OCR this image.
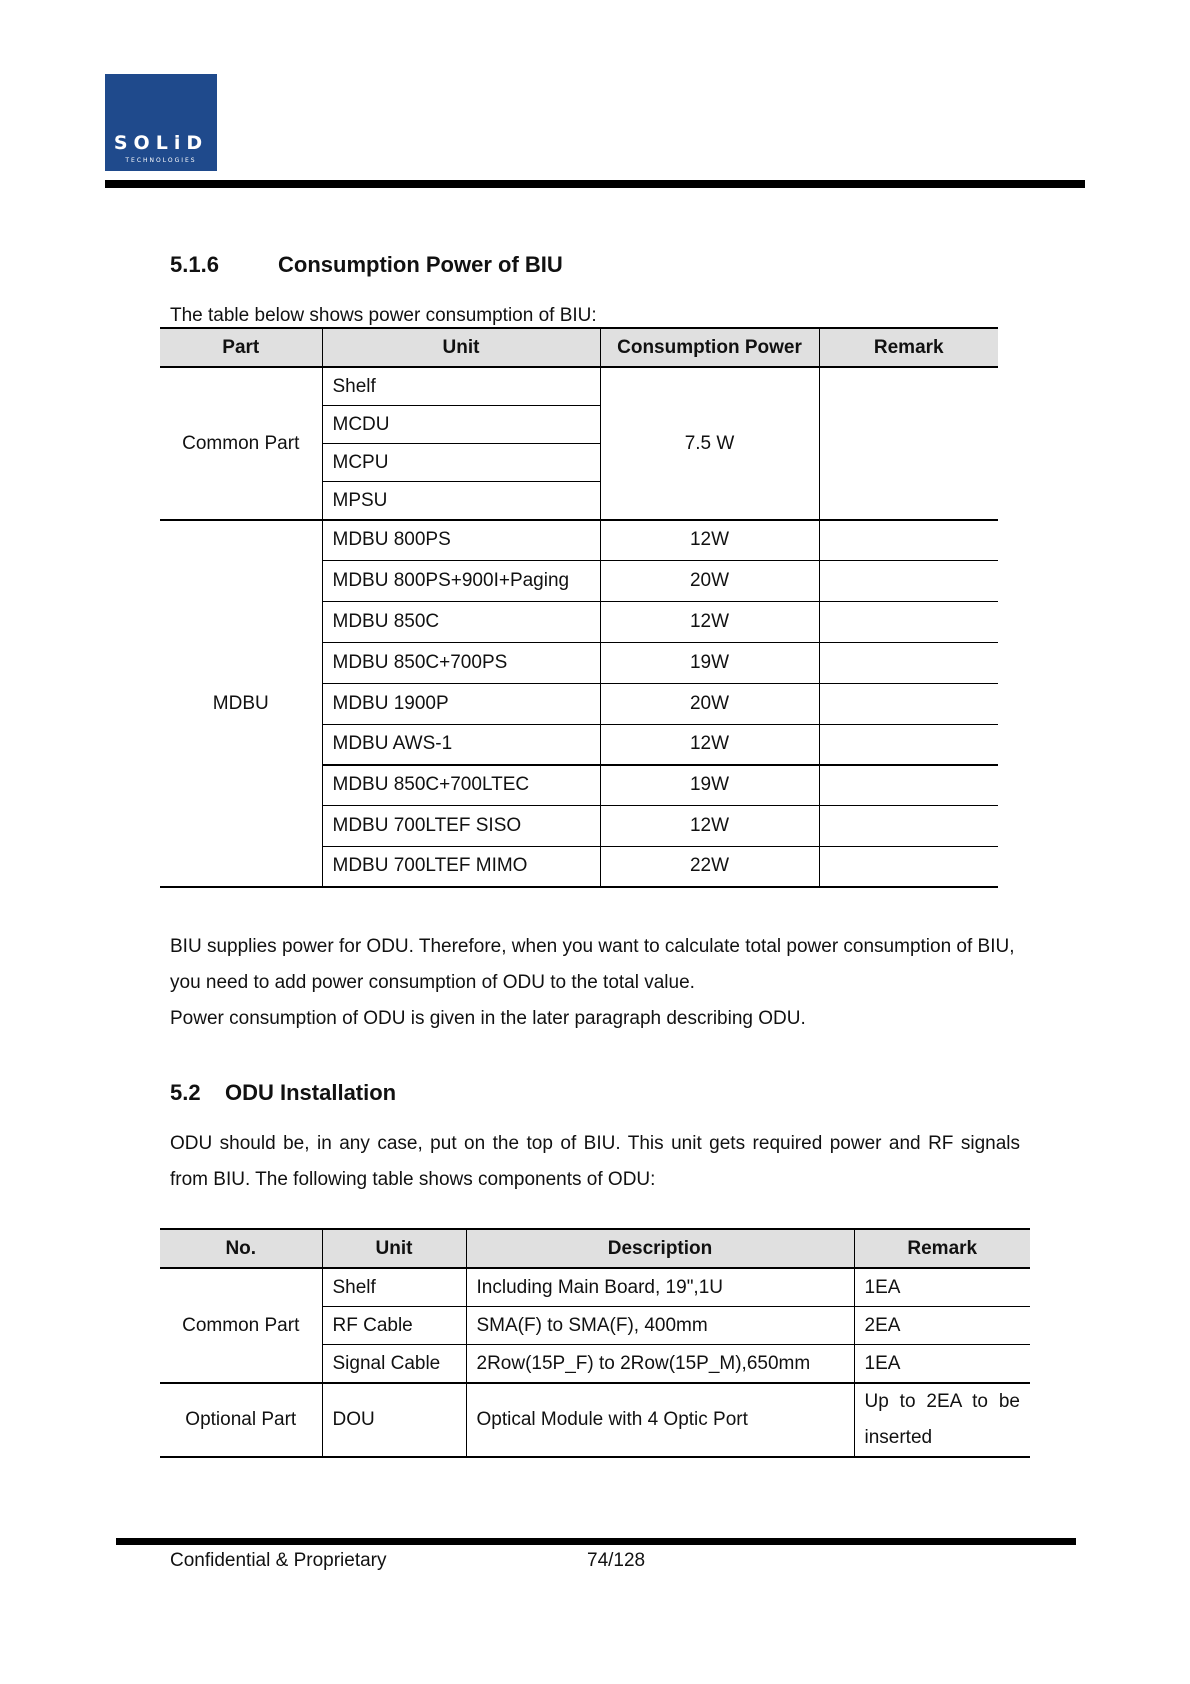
SOLiD
TECHNOLOGIES
5.1.6	Consumption Power of BIU
The table below shows power consumption of BIU:
Part	Unit	Consumption Power	Remark
Common Part	Shelf	7.5 W	
	MCDU		
	MCPU		
	MPSU		
MDBU	MDBU 800PS	12W	
	MDBU 800PS+900I+Paging	20W	
	MDBU 850C	12W	
	MDBU 850C+700PS	19W	
	MDBU 1900P	20W	
	MDBU AWS-1	12W	
	MDBU 850C+700LTEC	19W	
	MDBU 700LTEF SISO	12W	
	MDBU 700LTEF MIMO	22W	
BIU supplies power for ODU. Therefore, when you want to calculate total power consumption of BIU, you need to add power consumption of ODU to the total value.
Power consumption of ODU is given in the later paragraph describing ODU.
5.2 ODU Installation
ODU should be, in any case, put on the top of BIU. This unit gets required power and RF signals from BIU. The following table shows components of ODU:
No.	Unit	Description	Remark
Common Part	Shelf	Including Main Board, 19",1U	1EA
	RF Cable	SMA(F) to SMA(F), 400mm	2EA
	Signal Cable	2Row(15P_F) to 2Row(15P_M),650mm	1EA
Optional Part	DOU	Optical Module with 4 Optic Port	Up to 2EA to be inserted
Confidential & Proprietary	74/128
